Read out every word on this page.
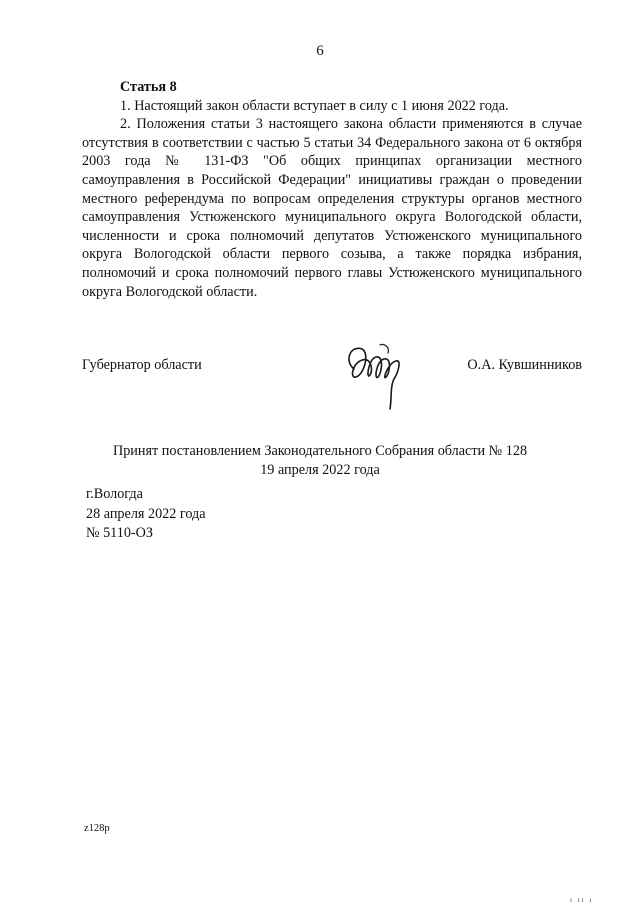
6
Статья 8

1. Настоящий закон области вступает в силу с 1 июня 2022 года.

2. Положения статьи 3 настоящего закона области применяются в случае отсутствия в соответствии с частью 5 статьи 34 Федерального закона от 6 октября 2003 года № 131-ФЗ "Об общих принципах организации местного самоуправления в Российской Федерации" инициативы граждан о проведении местного референдума по вопросам определения структуры органов местного самоуправления Устюженского муниципального округа Вологодской области, численности и срока полномочий депутатов Устюженского муниципального округа Вологодской области первого созыва, а также порядка избрания, полномочий и срока полномочий первого главы Устюженского муниципального округа Вологодской области.

Губернатор области	О.А. Кувшинников
Принят постановлением Законодательного Собрания области № 128
19 апреля 2022 года
г.Вологда
28 апреля 2022 года
№ 5110-ОЗ
z128р
ı ıı ı
